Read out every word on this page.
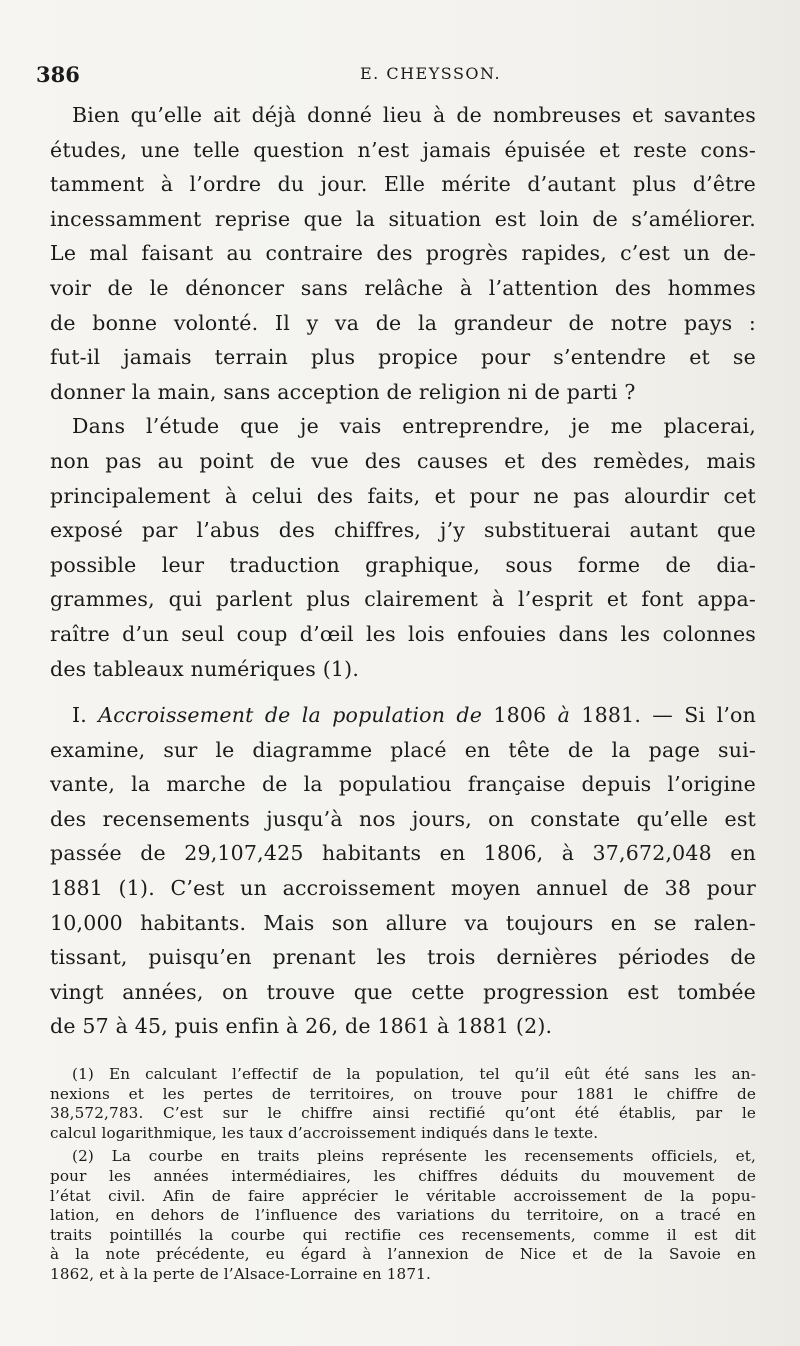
386	E. CHEYSSON.
Bien qu’elle ait déjà donné lieu à de nombreuses et savantes
études, une telle question n’est jamais épuisée et reste cons-
tamment à l’ordre du jour. Elle mérite d’autant plus d’être
incessamment reprise que la situation est loin de s’améliorer.
Le mal faisant au contraire des progrès rapides, c’est un de-
voir de le dénoncer sans relâche à l’attention des hommes
de bonne volonté. Il y va de la grandeur de notre pays :
fut-il jamais terrain plus propice pour s’entendre et se
donner la main, sans acception de religion ni de parti ?
Dans l’étude que je vais entreprendre, je me placerai,
non pas au point de vue des causes et des remèdes, mais
principalement à celui des faits, et pour ne pas alourdir cet
exposé par l’abus des chiffres, j’y substituerai autant que
possible leur traduction graphique, sous forme de dia-
grammes, qui parlent plus clairement à l’esprit et font appa-
raître d’un seul coup d’œil les lois enfouies dans les colonnes
des tableaux numériques (1).
I. Accroissement de la population de 1806 à 1881. — Si l’on
examine, sur le diagramme placé en tête de la page sui-
vante, la marche de la populatiou française depuis l’origine
des recensements jusqu’à nos jours, on constate qu’elle est
passée de 29,107,425 habitants en 1806, à 37,672,048 en
1881 (1). C’est un accroissement moyen annuel de 38 pour
10,000 habitants. Mais son allure va toujours en se ralen-
tissant, puisqu’en prenant les trois dernières périodes de
vingt années, on trouve que cette progression est tombée
de 57 à 45, puis enfin à 26, de 1861 à 1881 (2).
(1) En calculant l’effectif de la population, tel qu’il eût été sans les an-
nexions et les pertes de territoires, on trouve pour 1881 le chiffre de
38,572,783. C’est sur le chiffre ainsi rectifié qu’ont été établis, par le
calcul logarithmique, les taux d’accroissement indiqués dans le texte.
(2) La courbe en traits pleins représente les recensements officiels, et,
pour les années intermédiaires, les chiffres déduits du mouvement de
l’état civil. Afin de faire apprécier le véritable accroissement de la popu-
lation, en dehors de l’influence des variations du territoire, on a tracé en
traits pointillés la courbe qui rectifie ces recensements, comme il est dit
à la note précédente, eu égard à l’annexion de Nice et de la Savoie en
1862, et à la perte de l’Alsace-Lorraine en 1871.
